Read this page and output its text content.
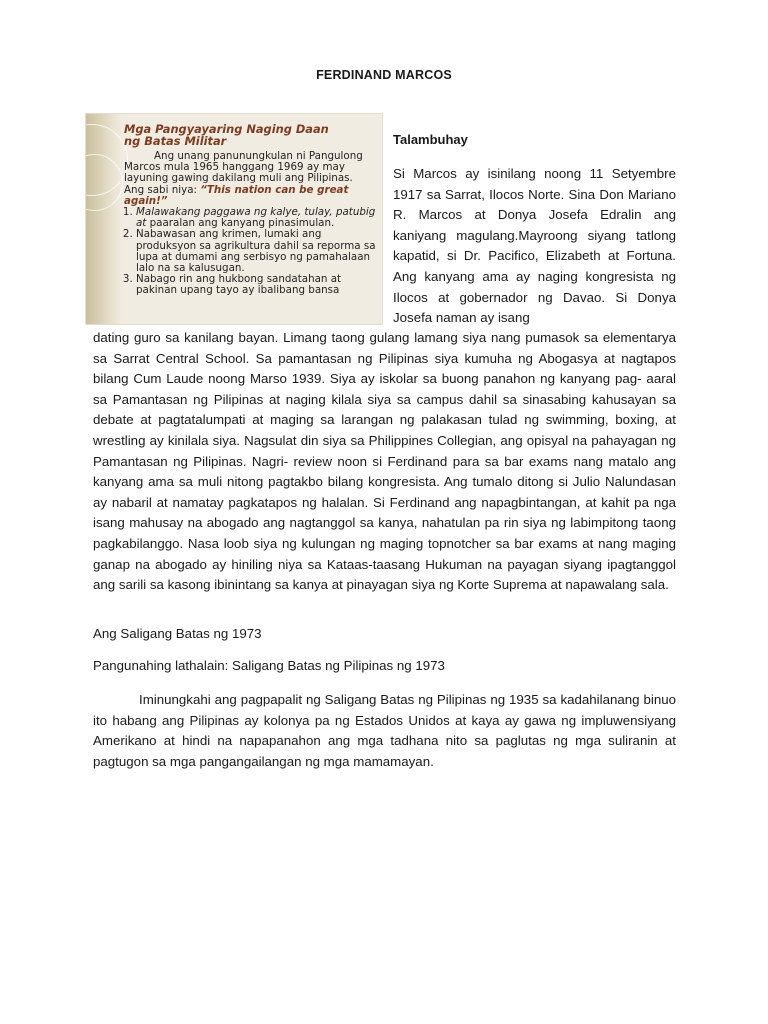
FERDINAND MARCOS
Mga Pangyayaring Naging Daan
ng Batas Militar

Ang unang panunungkulan ni Pangulong Marcos mula 1965 hanggang 1969 ay may layuning gawing dakilang muli ang Pilipinas.

Ang sabi niya: “This nation can be great again!”

1. Malawakang paggawa ng kalye, tulay, patubig at paaralan ang kanyang pinasimulan.
2. Nabawasan ang krimen, lumaki ang produksyon sa agrikultura dahil sa reporma sa lupa at dumami ang serbisyo ng pamahalaan lalo na sa kalusugan.
3. Nabago rin ang hukbong sandatahan at pakinan upang tayo ay ibalibang bansa
Talambuhay

Si Marcos ay isinilang noong 11 Setyembre 1917 sa Sarrat, Ilocos Norte. Sina Don Mariano R. Marcos at Donya Josefa Edralin ang kaniyang magulang.Mayroong siyang tatlong kapatid, si Dr. Pacifico, Elizabeth at Fortuna. Ang kanyang ama ay naging kongresista ng Ilocos at gobernador ng Davao. Si Donya Josefa naman ay isang

dating guro sa kanilang bayan. Limang taong gulang lamang siya nang pumasok sa elementarya sa Sarrat Central School. Sa pamantasan ng Pilipinas siya kumuha ng Abogasya at nagtapos bilang Cum Laude noong Marso 1939. Siya ay iskolar sa buong panahon ng kanyang pag- aaral sa Pamantasan ng Pilipinas at naging kilala siya sa campus dahil sa sinasabing kahusayan sa debate at pagtatalumpati at maging sa larangan ng palakasan tulad ng swimming, boxing, at wrestling ay kinilala siya. Nagsulat din siya sa Philippines Collegian, ang opisyal na pahayagan ng Pamantasan ng Pilipinas. Nagri- review noon si Ferdinand para sa bar exams nang matalo ang kanyang ama sa muli nitong pagtakbo bilang kongresista. Ang tumalo ditong si Julio Nalundasan ay nabaril at namatay pagkatapos ng halalan. Si Ferdinand ang napagbintangan, at kahit pa nga isang mahusay na abogado ang nagtanggol sa kanya, nahatulan pa rin siya ng labimpitong taong pagkabilanggo. Nasa loob siya ng kulungan ng maging topnotcher sa bar exams at nang maging ganap na abogado ay hiniling niya sa Kataas-taasang Hukuman na payagan siyang ipagtanggol ang sarili sa kasong ibinintang sa kanya at pinayagan siya ng Korte Suprema at napawalang sala.

Ang Saligang Batas ng 1973
Pangunahing lathalain: Saligang Batas ng Pilipinas ng 1973

Iminungkahi ang pagpapalit ng Saligang Batas ng Pilipinas ng 1935 sa kadahilanang binuo ito habang ang Pilipinas ay kolonya pa ng Estados Unidos at kaya ay gawa ng impluwensiyang Amerikano at hindi na napapanahon ang mga tadhana nito sa paglutas ng mga suliranin at pagtugon sa mga pangangailangan ng mga mamamayan.
